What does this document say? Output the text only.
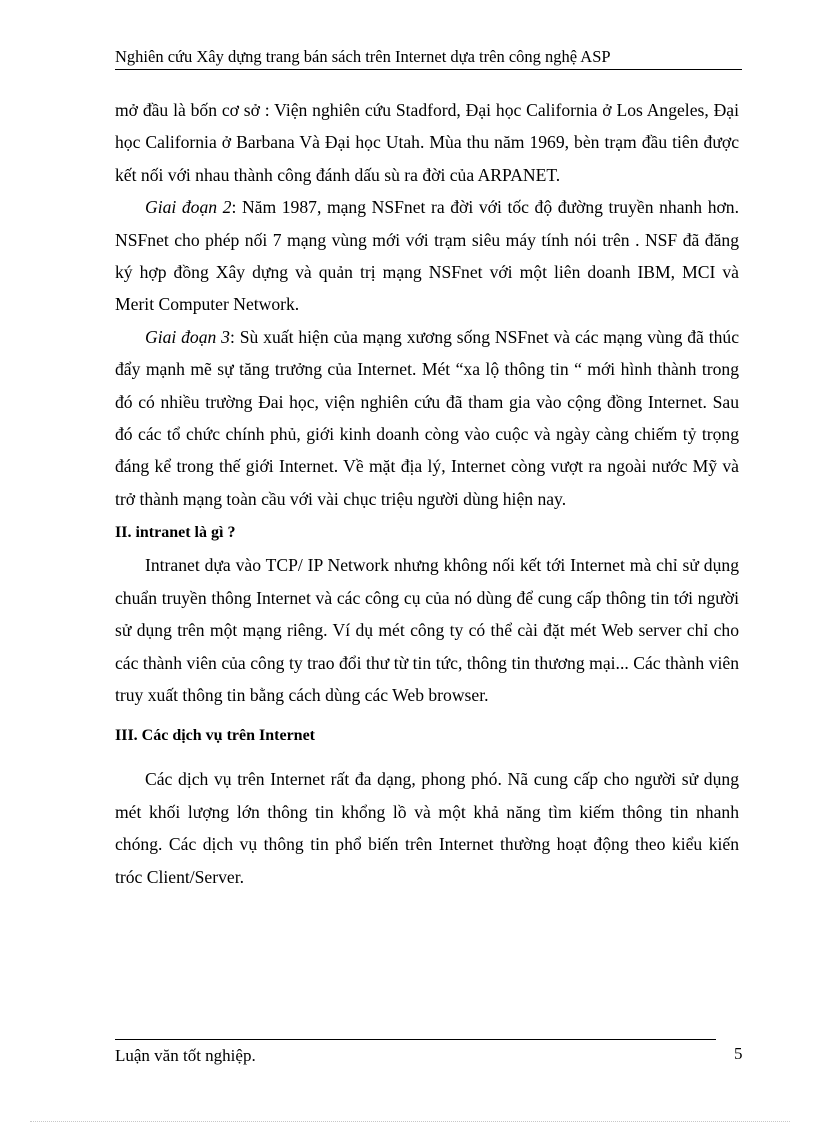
Nghiên cứu Xây dựng trang bán sách trên Internet dựa trên công nghệ ASP

mở đầu là bốn cơ sở : Viện nghiên cứu Stadford, Đại học California ở Los Angeles, Đại học California ở Barbana Và Đại học Utah. Mùa thu năm 1969, bèn trạm đầu tiên được kết nối với nhau thành công đánh dấu sù ra đời của ARPANET.

Giai đoạn 2: Năm 1987, mạng NSFnet ra đời với tốc độ đường truyền nhanh hơn. NSFnet cho phép nối 7 mạng vùng mới với trạm siêu máy tính nói trên . NSF đã đăng ký hợp đồng Xây dựng và quản trị mạng NSFnet với một liên doanh IBM, MCI và Merit Computer Network.

Giai đoạn 3: Sù xuất hiện của mạng xương sống NSFnet và các mạng vùng đã thúc đẩy mạnh mẽ sự tăng trưởng của Internet. Mét “xa lộ thông tin “ mới hình thành trong đó có nhiều trường Đai học, viện nghiên cứu đã tham gia vào cộng đồng Internet. Sau đó các tổ chức chính phủ, giới kinh doanh còng vào cuộc và ngày càng chiếm tỷ trọng đáng kể trong thế giới Internet. Về mặt địa lý, Internet còng vượt ra ngoài nước Mỹ và trở thành mạng toàn cầu với vài chục triệu người dùng hiện nay.

II. intranet là gì ?

Intranet dựa vào TCP/ IP Network nhưng không nối kết tới Internet mà chỉ sử dụng chuẩn truyền thông Internet và các công cụ của nó dùng để cung cấp thông tin tới người sử dụng trên một mạng riêng. Ví dụ mét công ty có thể cài đặt mét Web server chỉ cho các thành viên của công ty trao đổi thư từ tin tức, thông tin thương mại... Các thành viên truy xuất thông tin bằng cách dùng các Web browser.

III. Các dịch vụ trên Internet

Các dịch vụ trên Internet rất đa dạng, phong phó. Nã cung cấp cho người sử dụng mét khối lượng lớn thông tin khổng lồ và một khả năng tìm kiếm thông tin nhanh chóng. Các dịch vụ thông tin phổ biến trên Internet thường hoạt động theo kiểu kiến tróc Client/Server.

Luận văn tốt nghiệp.	5
